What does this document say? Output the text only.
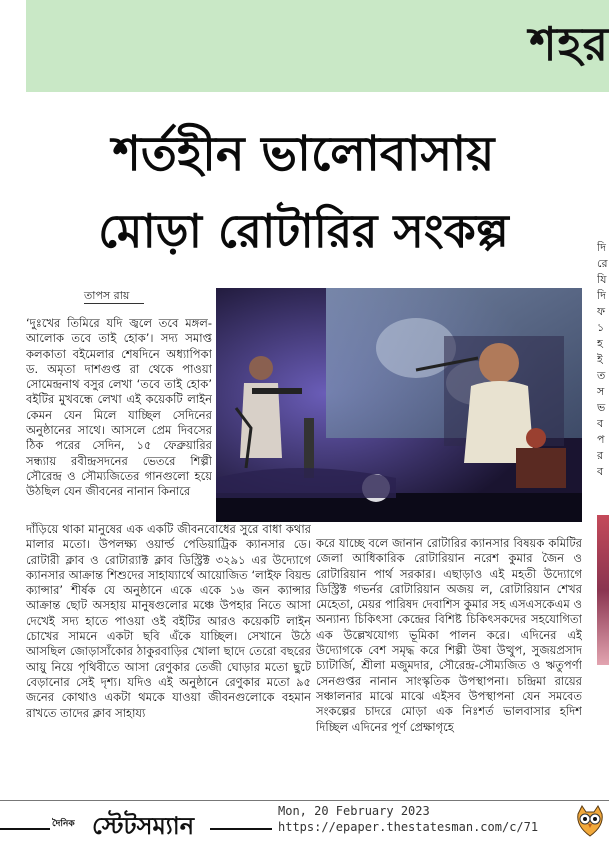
শহর
শর্তহীন ভালোবাসায়
মোড়া রোটারির সংকল্প
তাপস রায়

‘দুঃখের তিমিরে যদি জ্বলে তবে মঙ্গল-আলোক তবে তাই হোক’। সদ্য সমাপ্ত কলকাতা বইমেলার শেষদিনে অধ্যাপিকা ড. অমৃতা দাশগুপ্ত রা থেকে পাওয়া সোমেন্দ্রনাথ বসুর লেখা ‘তবে তাই হোক’ বইটির মুখবন্ধে লেখা এই কয়েকটি লাইন কেমন যেন মিলে যাচ্ছিল সেদিনের অনুষ্ঠানের সাথে। আসলে প্রেম দিবসের ঠিক পরের সেদিন, ১৫ ফেব্রুয়ারির সন্ধ্যায় রবীন্দ্রসদনের ভেতরে শিল্পী সৌরেন্দ্র ও সৌম্যজিতের গানগুলো হয়ে উঠছিল যেন জীবনের নানান কিনারে

দাঁড়িয়ে থাকা মানুষের এক একটি জীবনবোধের সুরে বাধা কথার মালার মতো। উপলক্ষ্য ওয়ার্ল্ড পেডিয়াট্রিক ক্যানসার ডে। রোটারী ক্লাব ও রোটার‍্যাক্ট ক্লাব ডিস্ট্রিক্ট ৩২৯১ এর উদ্যোগে ক্যানসার আক্রান্ত শিশুদের সাহায্যার্থে আয়োজিত ‘লাইফ বিয়ন্ড ক্যান্সার’ শীর্ষক যে অনুষ্ঠানে একে একে ১৬ জন ক্যান্সার আক্রান্ত ছোট অসহায় মানুষগুলোর মঞ্চে উপহার নিতে আসা দেখেই সদ্য হাতে পাওয়া ওই বইটির আরও কয়েকটি লাইন চোখের সামনে একটা ছবি এঁকে যাচ্ছিল। সেখানে উঠে আসছিল জোড়াসাঁকোর ঠাকুরবাড়ির খোলা ছাদে তেরো বছরের আয়ু নিয়ে পৃথিবীতে আসা রেণুকার তেজী ঘোড়ার মতো ছুটে বেড়ানোর সেই দৃশ্য। যদিও এই অনুষ্ঠানে রেণুকার মতো ৯৫ জনের কোথাও একটা থমকে যাওয়া জীবনগুলোকে বহমান রাখতে তাদের ক্লাব সাহায্য

করে যাচ্ছে বলে জানান রোটারির ক্যানসার বিষয়ক কমিটির জেলা আধিকারিক রোটারিয়ান নরেশ কুমার জৈন ও রোটারিয়ান পার্থ সরকার। এছাড়াও এই মহতী উদ্যোগে ডিস্ট্রিক্ট গভর্নর রোটারিয়ান অজয় ল, রোটারিয়ান শেখর মেহেতা, মেয়র পারিষদ দেবাশিস কুমার সহ এসএসকেএম ও অন্যান্য চিকিৎসা কেন্দ্রের বিশিষ্ট চিকিৎসকদের সহযোগিতা এক উল্লেখযোগ্য ভূমিকা পালন করে। এদিনের এই উদ্যোগকে বেশ সমৃদ্ধ করে শিল্পী উষা উত্থুপ, সুজয়প্রসাদ চ্যাটার্জি, শ্রীলা মজুমদার, সৌরেন্দ্র-সৌম্যজিত ও ঋতুপর্ণা সেনগুপ্তর নানান সাংস্কৃতিক উপস্থাপনা। চন্দ্রিমা রায়ের সঞ্চালনার মাঝে মাঝে এইসব উপস্থাপনা যেন সমবেত সংকল্পের চাদরে মোড়া এক নিঃশর্ত ভালবাসার হদিশ দিচ্ছিল এদিনের পূর্ণ প্রেক্ষাগৃহে

দি রে যি দি ফ ১ হ ই ত স ভ ব প র ব
দৈনিক স্টেটসম্যান	Mon, 20 February 2023
https://epaper.thestatesman.com/c/71
